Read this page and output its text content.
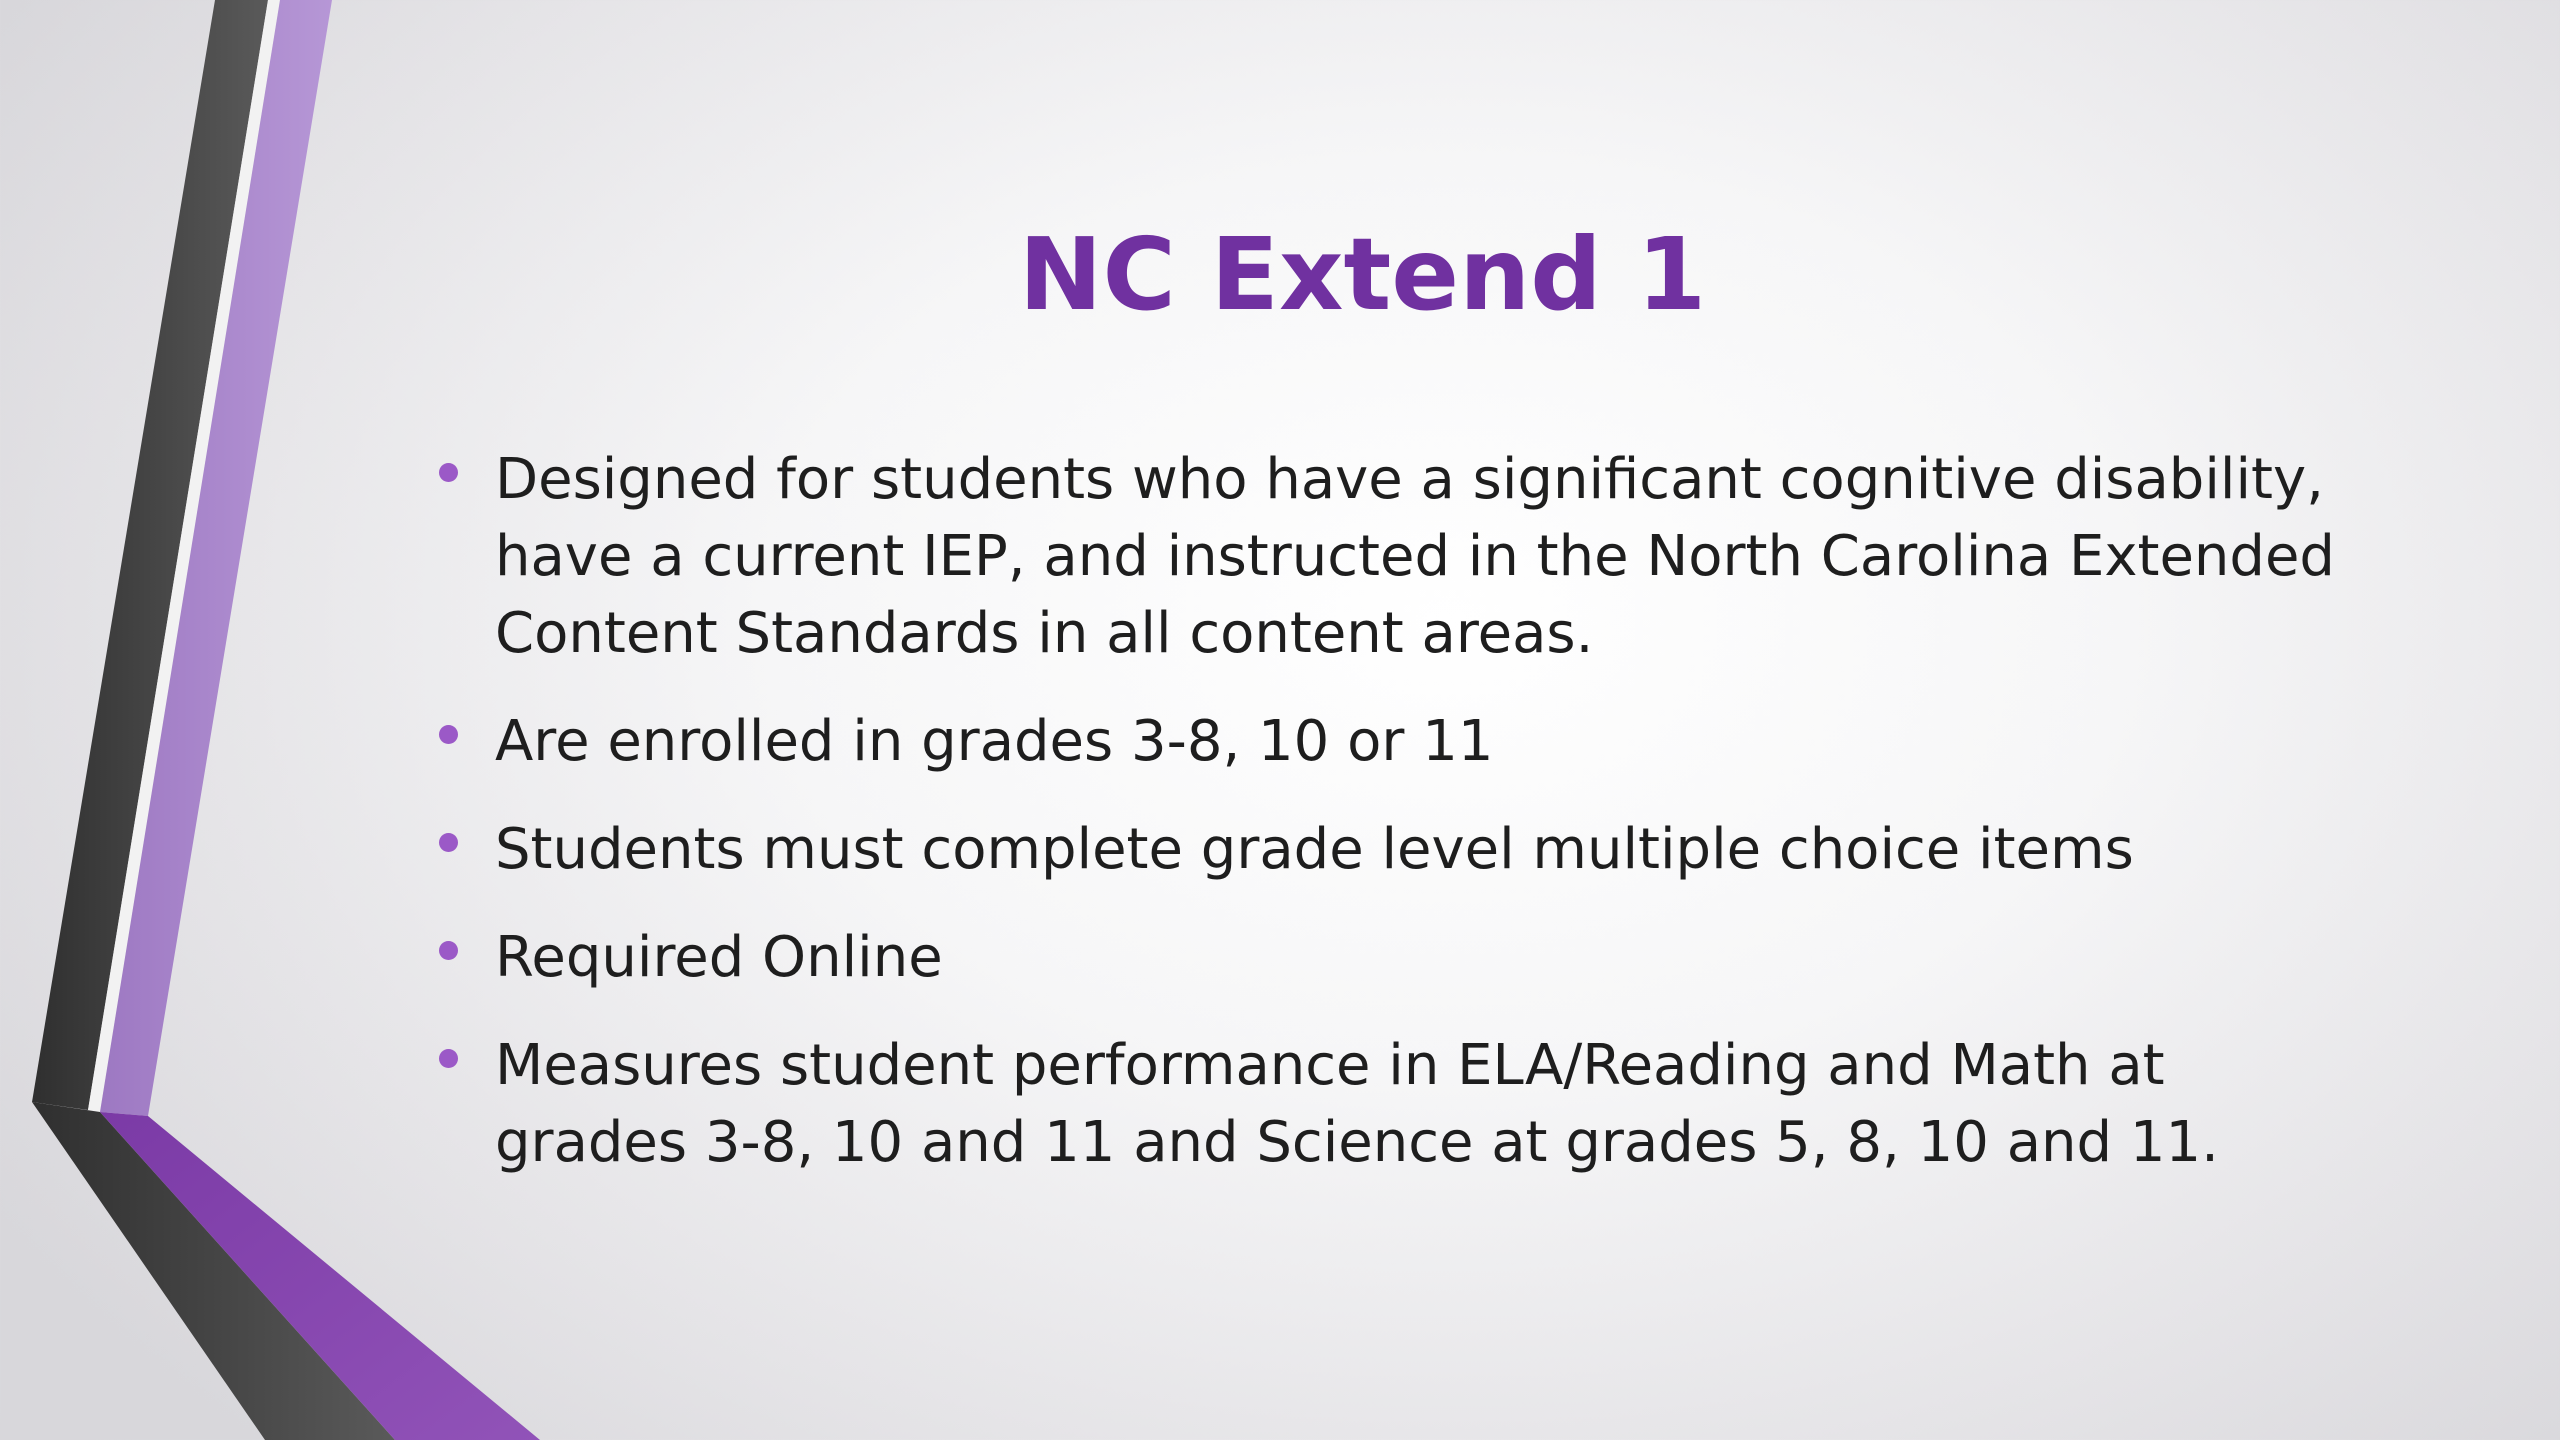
NC Extend 1
Designed for students who have a significant cognitive disability, have a current IEP, and instructed in the North Carolina Extended Content Standards in all content areas.
Are enrolled in grades 3-8, 10 or 11
Students must complete grade level multiple choice items
Required Online
Measures student performance in ELA/Reading and Math at grades 3-8, 10 and 11 and Science at grades 5, 8, 10 and 11.
